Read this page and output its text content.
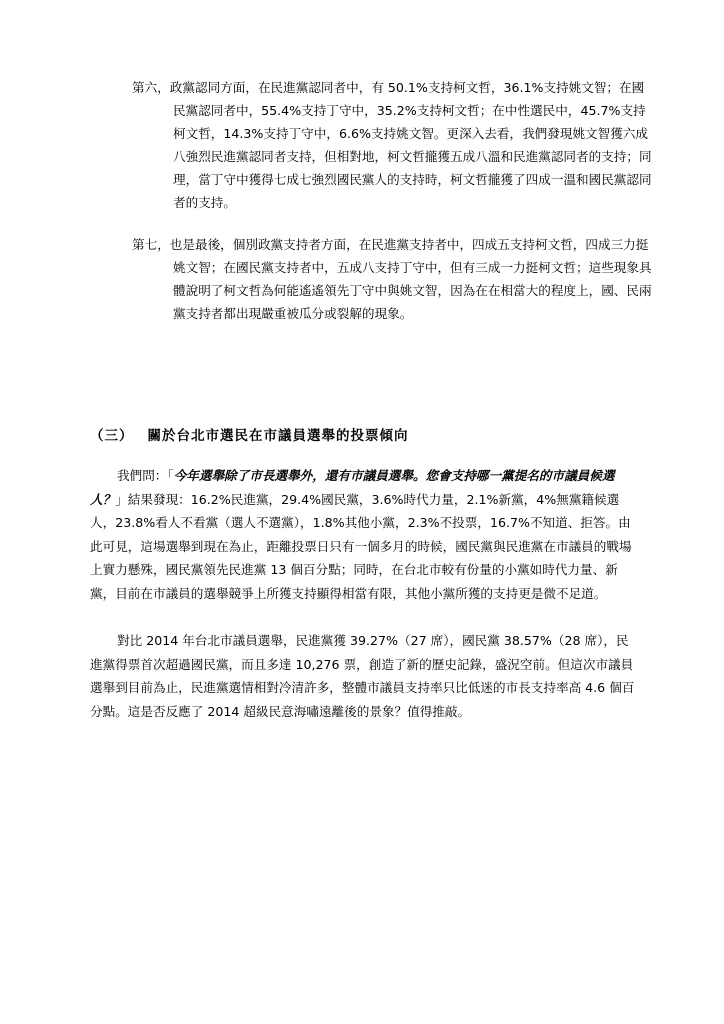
第六，政黨認同方面，在民進黨認同者中，有 50.1%支持柯文哲，36.1%支持姚文智；在國民黨認同者中，55.4%支持丁守中，35.2%支持柯文哲；在中性選民中，45.7%支持柯文哲，14.3%支持丁守中，6.6%支持姚文智。更深入去看，我們發現姚文智獲六成八強烈民進黨認同者支持，但相對地，柯文哲攏獲五成八溫和民進黨認同者的支持；同理，當丁守中獲得七成七強烈國民黨人的支持時，柯文哲攏獲了四成一溫和國民黨認同者的支持。

第七，也是最後，個別政黨支持者方面，在民進黨支持者中，四成五支持柯文哲，四成三力挺姚文智；在國民黨支持者中，五成八支持丁守中，但有三成一力挺柯文哲；這些現象具體說明了柯文哲為何能遙遙領先丁守中與姚文智，因為在在相當大的程度上，國、民兩黨支持者都出現嚴重被瓜分或裂解的現象。

（三） 關於台北市選民在市議員選舉的投票傾向

我們問：「今年選舉除了市長選舉外，還有市議員選舉。您會支持哪一黨提名的市議員候選人？」結果發現：16.2%民進黨，29.4%國民黨，3.6%時代力量，2.1%新黨，4%無黨籍候選人，23.8%看人不看黨（選人不選黨），1.8%其他小黨，2.3%不投票，16.7%不知道、拒答。由此可見，這場選舉到現在為止，距離投票日只有一個多月的時候，國民黨與民進黨在市議員的戰場上實力懸殊，國民黨領先民進黨 13 個百分點；同時，在台北市較有份量的小黨如時代力量、新黨，目前在市議員的選舉競爭上所獲支持顯得相當有限，其他小黨所獲的支持更是微不足道。

對比 2014 年台北市議員選舉，民進黨獲 39.27%（27 席），國民黨 38.57%（28 席），民進黨得票首次超過國民黨，而且多達 10,276 票，創造了新的歷史記錄，盛況空前。但這次市議員選舉到目前為止，民進黨選情相對冷清許多，整體市議員支持率只比低迷的市長支持率高 4.6 個百分點。這是否反應了 2014 超級民意海嘯遠離後的景象？值得推敲。
